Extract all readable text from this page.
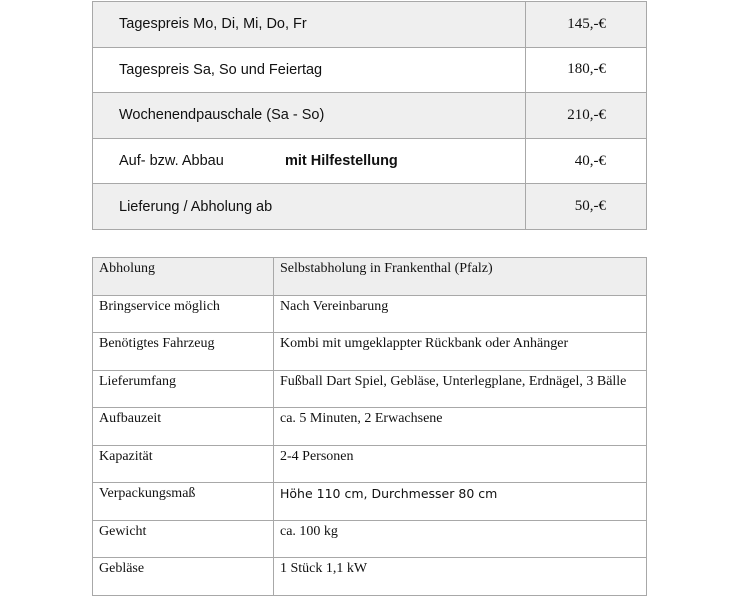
Tagespreis Mo, Di, Mi, Do, Fr	145,-€
Tagespreis Sa, So und Feiertag	180,-€
Wochenendpauschale (Sa - So)	210,-€

Auf- bzw. Abbau mit Hilfestellung	40,-€
Lieferung / Abholung ab	50,-€
Abholung	Selbstabholung in Frankenthal (Pfalz)
Bringservice möglich	Nach Vereinbarung
Benötigtes Fahrzeug	Kombi mit umgeklappter Rückbank oder Anhänger
Lieferumfang	Fußball Dart Spiel, Gebläse, Unterlegplane, Erdnägel, 3 Bälle
Aufbauzeit	ca. 5 Minuten, 2 Erwachsene
Kapazität	2-4 Personen
Verpackungsmaß	Höhe 110 cm, Durchmesser 80 cm
Gewicht	ca. 100 kg
Gebläse	1 Stück 1,1 kW
